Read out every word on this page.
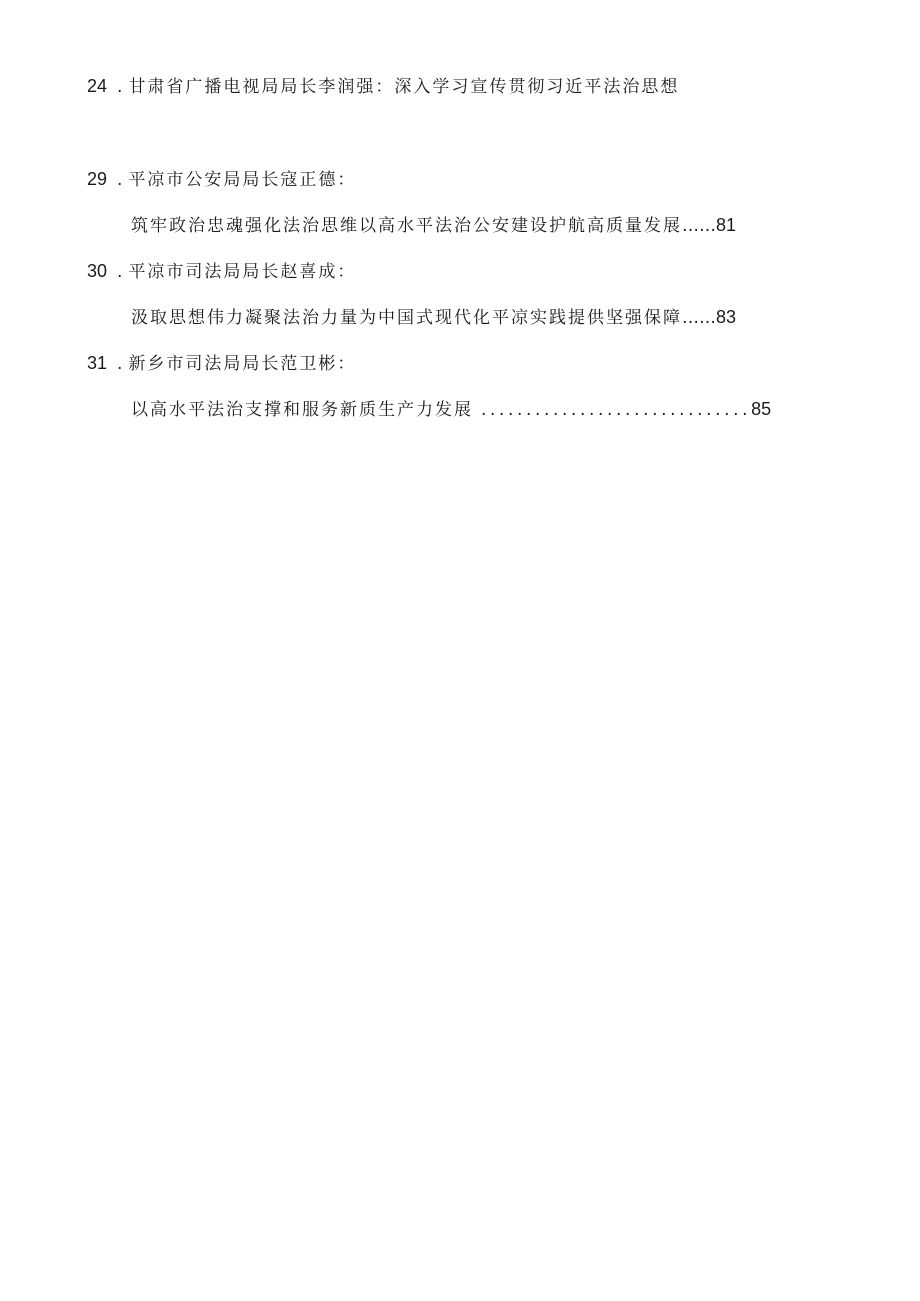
24 . 甘肃省广播电视局局长李润强：深入学习宣传贯彻习近平法治思想
29 . 平凉市公安局局长寇正德：
筑牢政治忠魂强化法治思维以高水平法治公安建设护航高质量发展……81
30 . 平凉市司法局局长赵喜成：
汲取思想伟力凝聚法治力量为中国式现代化平凉实践提供坚强保障……83
31 . 新乡市司法局局长范卫彬：
以高水平法治支撑和服务新质生产力发展 ..............................85
